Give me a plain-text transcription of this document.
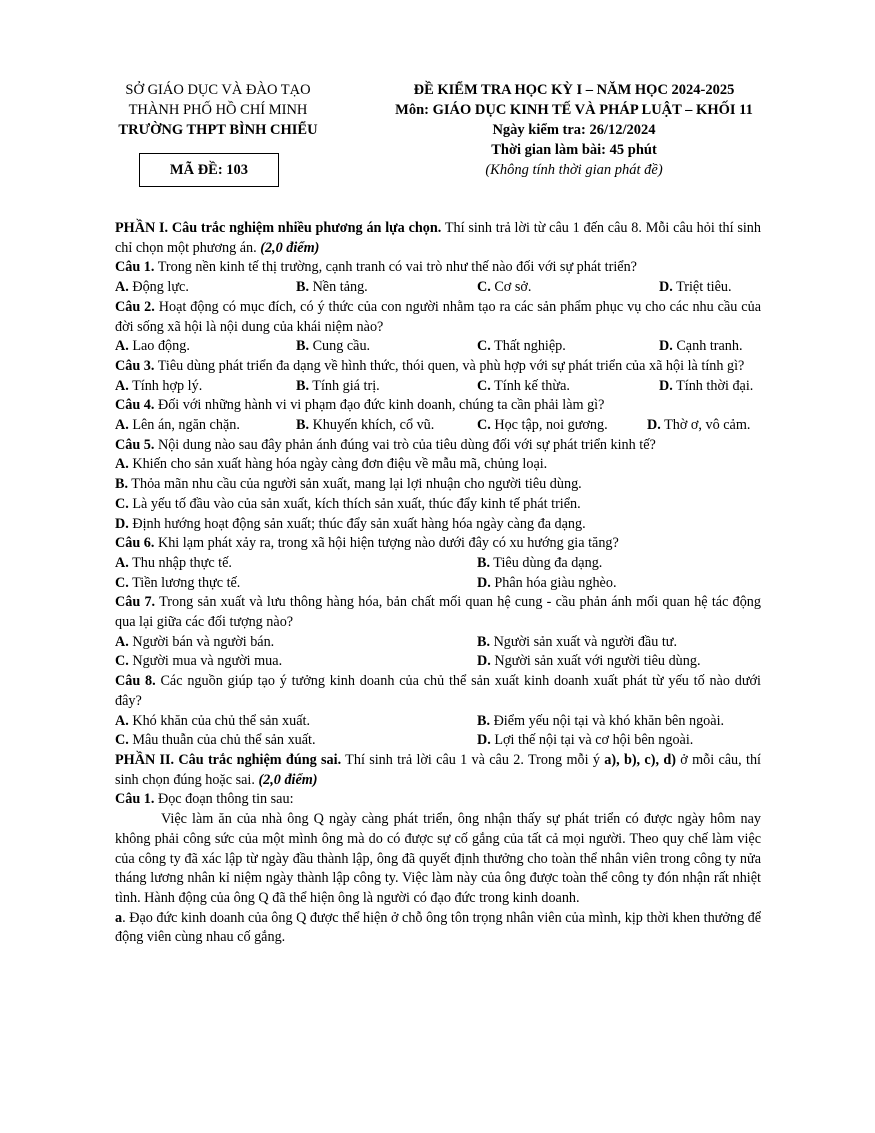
SỞ GIÁO DỤC VÀ ĐÀO TẠO
THÀNH PHỐ HỒ CHÍ MINH
TRƯỜNG THPT BÌNH CHIỂU
MÃ ĐỀ: 103
ĐỀ KIỂM TRA HỌC KỲ I – NĂM HỌC 2024-2025
Môn: GIÁO DỤC KINH TẾ VÀ PHÁP LUẬT – KHỐI 11
Ngày kiểm tra: 26/12/2024
Thời gian làm bài: 45 phút
(Không tính thời gian phát đề)

PHẦN I. Câu trắc nghiệm nhiều phương án lựa chọn. Thí sinh trả lời từ câu 1 đến câu 8. Mỗi câu hỏi thí sinh chỉ chọn một phương án. (2,0 điểm)

Câu 1. Trong nền kinh tế thị trường, cạnh tranh có vai trò như thế nào đối với sự phát triển?

A. Động lực.	B. Nền tảng.	C. Cơ sở.	D. Triệt tiêu.

Câu 2. Hoạt động có mục đích, có ý thức của con người nhằm tạo ra các sản phẩm phục vụ cho các nhu cầu của đời sống xã hội là nội dung của khái niệm nào?

A. Lao động.	B. Cung cầu.	C. Thất nghiệp.	D. Cạnh tranh.

Câu 3. Tiêu dùng phát triển đa dạng về hình thức, thói quen, và phù hợp với sự phát triển của xã hội là tính gì?

A. Tính hợp lý.	B. Tính giá trị.	C. Tính kế thừa.	D. Tính thời đại.

Câu 4. Đối với những hành vi vi phạm đạo đức kinh doanh, chúng ta cần phải làm gì?

A. Lên án, ngăn chặn.	B. Khuyến khích, cổ vũ.	C. Học tập, noi gương.	D. Thờ ơ, vô cảm.

Câu 5. Nội dung nào sau đây phản ánh đúng vai trò của tiêu dùng đối với sự phát triển kinh tế?

A. Khiến cho sản xuất hàng hóa ngày càng đơn điệu về mẫu mã, chủng loại.
B. Thỏa mãn nhu cầu của người sản xuất, mang lại lợi nhuận cho người tiêu dùng.
C. Là yếu tố đầu vào của sản xuất, kích thích sản xuất, thúc đẩy kinh tế phát triển.
D. Định hướng hoạt động sản xuất; thúc đẩy sản xuất hàng hóa ngày càng đa dạng.

Câu 6. Khi lạm phát xảy ra, trong xã hội hiện tượng nào dưới đây có xu hướng gia tăng?

A. Thu nhập thực tế.	B. Tiêu dùng đa dạng.
C. Tiền lương thực tế.	D. Phân hóa giàu nghèo.

Câu 7. Trong sản xuất và lưu thông hàng hóa, bản chất mối quan hệ cung - cầu phản ánh mối quan hệ tác động qua lại giữa các đối tượng nào?

A. Người bán và người bán.	B. Người sản xuất và người đầu tư.
C. Người mua và người mua.	D. Người sản xuất với người tiêu dùng.

Câu 8. Các nguồn giúp tạo ý tưởng kinh doanh của chủ thể sản xuất kinh doanh xuất phát từ yếu tố nào dưới đây?

A. Khó khăn của chủ thể sản xuất.	B. Điểm yếu nội tại và khó khăn bên ngoài.
C. Mâu thuẫn của chủ thể sản xuất.	D. Lợi thế nội tại và cơ hội bên ngoài.

PHẦN II. Câu trắc nghiệm đúng sai. Thí sinh trả lời câu 1 và câu 2. Trong mỗi ý a), b), c), d) ở mỗi câu, thí sinh chọn đúng hoặc sai. (2,0 điểm)

Câu 1. Đọc đoạn thông tin sau:

Việc làm ăn của nhà ông Q ngày càng phát triển, ông nhận thấy sự phát triển có được ngày hôm nay không phải công sức của một mình ông mà do có được sự cố gắng của tất cả mọi người. Theo quy chế làm việc của công ty đã xác lập từ ngày đầu thành lập, ông đã quyết định thưởng cho toàn thể nhân viên trong công ty nửa tháng lương nhân kỉ niệm ngày thành lập công ty. Việc làm này của ông được toàn thể công ty đón nhận rất nhiệt tình. Hành động của ông Q đã thể hiện ông là người có đạo đức trong kinh doanh.

a. Đạo đức kinh doanh của ông Q được thể hiện ở chỗ ông tôn trọng nhân viên của mình, kịp thời khen thưởng để động viên cùng nhau cố gắng.
